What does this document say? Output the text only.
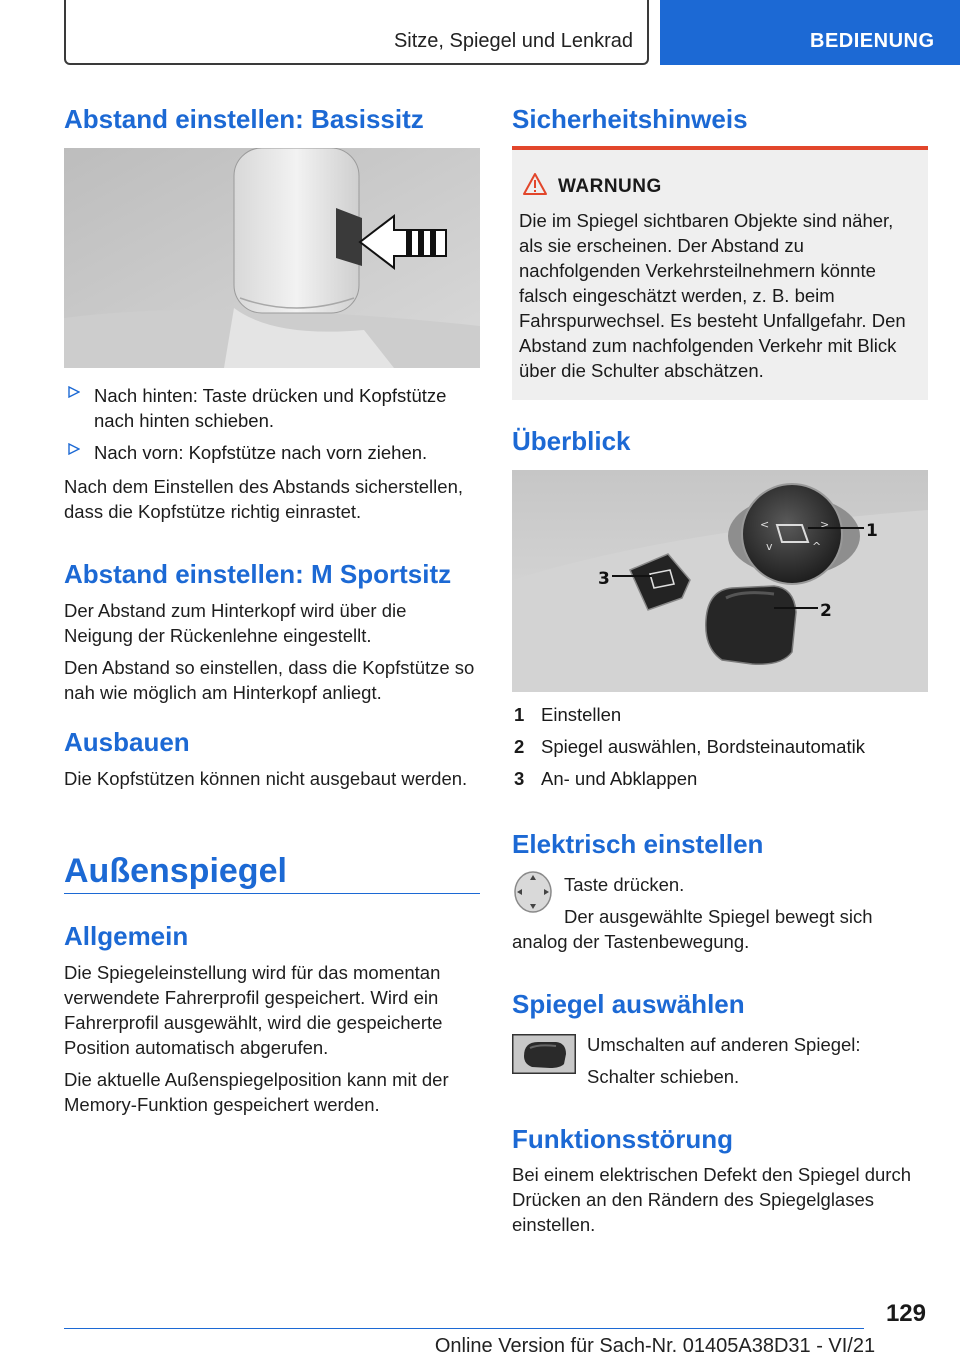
Sitze, Spiegel und Lenkrad	BEDIENUNG
Abstand einstellen: Basissitz
Nach hinten: Taste drücken und Kopfstütze nach hinten schieben.
Nach vorn: Kopfstütze nach vorn ziehen.
Nach dem Einstellen des Abstands sicherstellen, dass die Kopfstütze richtig einrastet.
Abstand einstellen: M Sportsitz
Der Abstand zum Hinterkopf wird über die Neigung der Rückenlehne eingestellt.
Den Abstand so einstellen, dass die Kopfstütze so nah wie möglich am Hinterkopf anliegt.
Ausbauen
Die Kopfstützen können nicht ausgebaut werden.
Außenspiegel
Allgemein
Die Spiegeleinstellung wird für das momentan verwendete Fahrerprofil gespeichert. Wird ein Fahrerprofil ausgewählt, wird die gespeicherte Position automatisch abgerufen.
Die aktuelle Außenspiegelposition kann mit der Memory-Funktion gespeichert werden.
Sicherheitshinweis
WARNUNG
Die im Spiegel sichtbaren Objekte sind näher, als sie erscheinen. Der Abstand zu nachfolgenden Verkehrsteilnehmern könnte falsch eingeschätzt werden, z. B. beim Fahrspurwechsel. Es besteht Unfallgefahr. Den Abstand zum nachfolgenden Verkehr mit Blick über die Schulter abschätzen.
Überblick
<	>
v	^
1
2
3
1 Einstellen
2 Spiegel auswählen, Bordsteinautomatik
3 An- und Abklappen
Elektrisch einstellen
Taste drücken.
Der ausgewählte Spiegel bewegt sich analog der Tastenbewegung.
Spiegel auswählen
Umschalten auf anderen Spiegel:
Schalter schieben.
Funktionsstörung
Bei einem elektrischen Defekt den Spiegel durch Drücken an den Rändern des Spiegelglases einstellen.
129
Online Version für Sach-Nr. 01405A38D31 - VI/21
